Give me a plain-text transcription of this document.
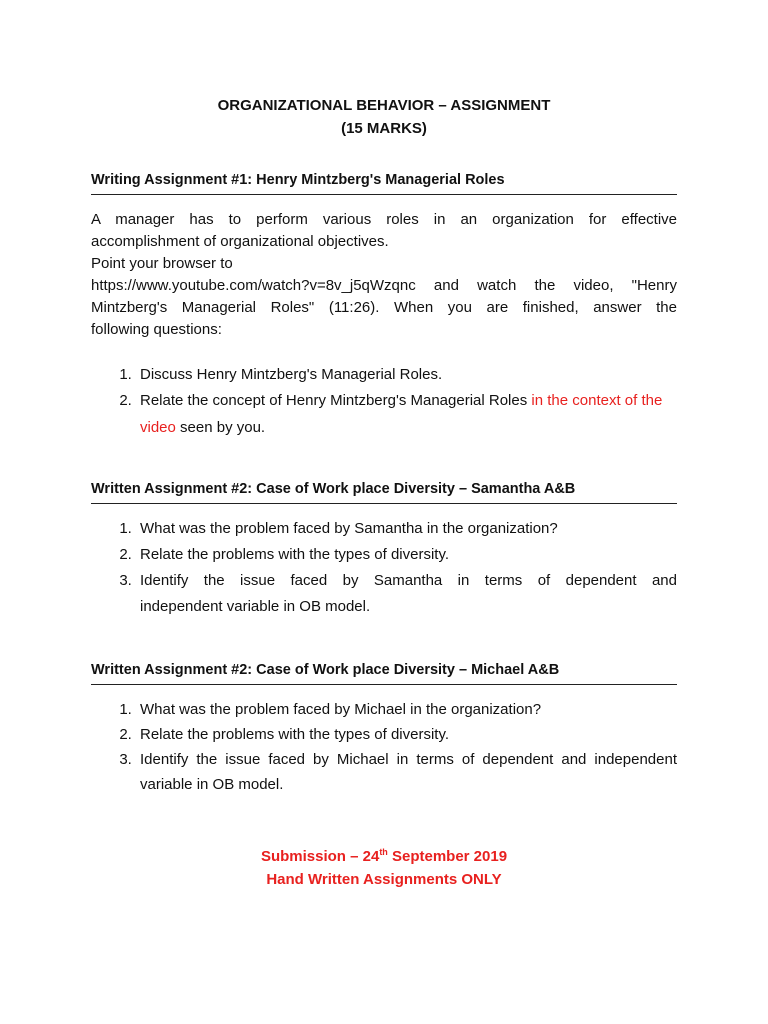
ORGANIZATIONAL BEHAVIOR – ASSIGNMENT
(15 MARKS)
Writing Assignment #1: Henry Mintzberg's Managerial Roles
A manager has to perform various roles in an organization for effective
accomplishment of organizational objectives.
Point your browser to
https://www.youtube.com/watch?v=8v_j5qWzqnc and watch the video, "Henry
Mintzberg's Managerial Roles" (11:26). When you are finished, answer the
following questions:
1. Discuss Henry Mintzberg's Managerial Roles.
2. Relate the concept of Henry Mintzberg's Managerial Roles in the context of the video seen by you.
Written Assignment #2: Case of Work place Diversity – Samantha A&B
1. What was the problem faced by Samantha in the organization?
2. Relate the problems with the types of diversity.
3. Identify the issue faced by Samantha in terms of dependent and
independent variable in OB model.
Written Assignment #2: Case of Work place Diversity – Michael A&B
1. What was the problem faced by Michael in the organization?
2. Relate the problems with the types of diversity.
3. Identify the issue faced by Michael in terms of dependent and independent
variable in OB model.
Submission – 24th September 2019
Hand Written Assignments ONLY
